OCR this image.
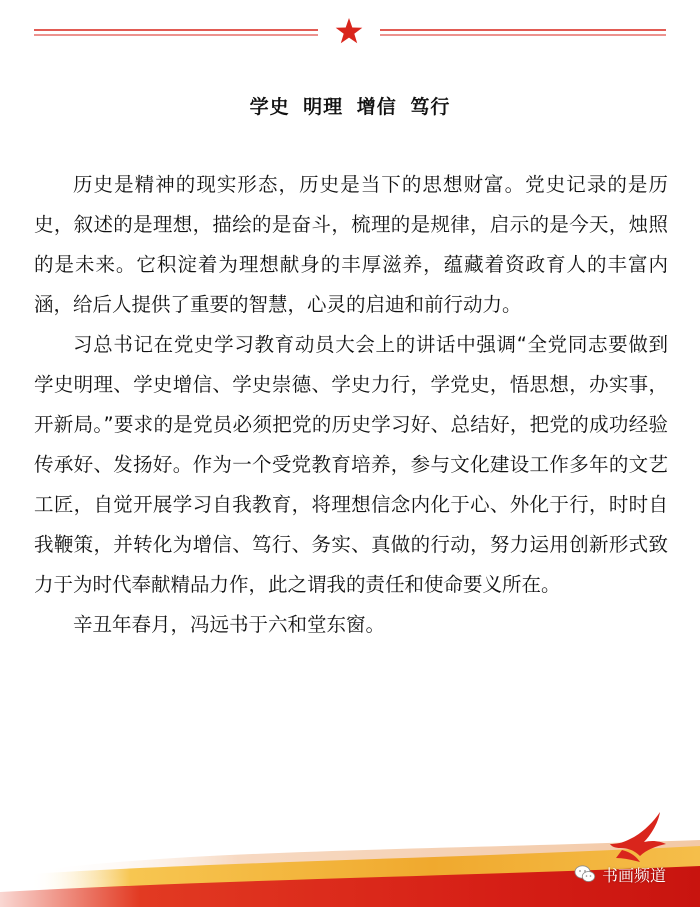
学史 明理 增信 笃行

历史是精神的现实形态，历史是当下的思想财富。党史记录的是历史，叙述的是理想，描绘的是奋斗，梳理的是规律，启示的是今天，烛照的是未来。它积淀着为理想献身的丰厚滋养，蕴藏着资政育人的丰富内涵，给后人提供了重要的智慧，心灵的启迪和前行动力。

习总书记在党史学习教育动员大会上的讲话中强调“全党同志要做到学史明理、学史增信、学史崇德、学史力行，学党史，悟思想，办实事，开新局。”要求的是党员必须把党的历史学习好、总结好，把党的成功经验传承好、发扬好。作为一个受党教育培养，参与文化建设工作多年的文艺工匠，自觉开展学习自我教育，将理想信念内化于心、外化于行，时时自我鞭策，并转化为增信、笃行、务实、真做的行动，努力运用创新形式致力于为时代奉献精品力作，此之谓我的责任和使命要义所在。

辛丑年春月，冯远书于六和堂东窗。

书画频道
